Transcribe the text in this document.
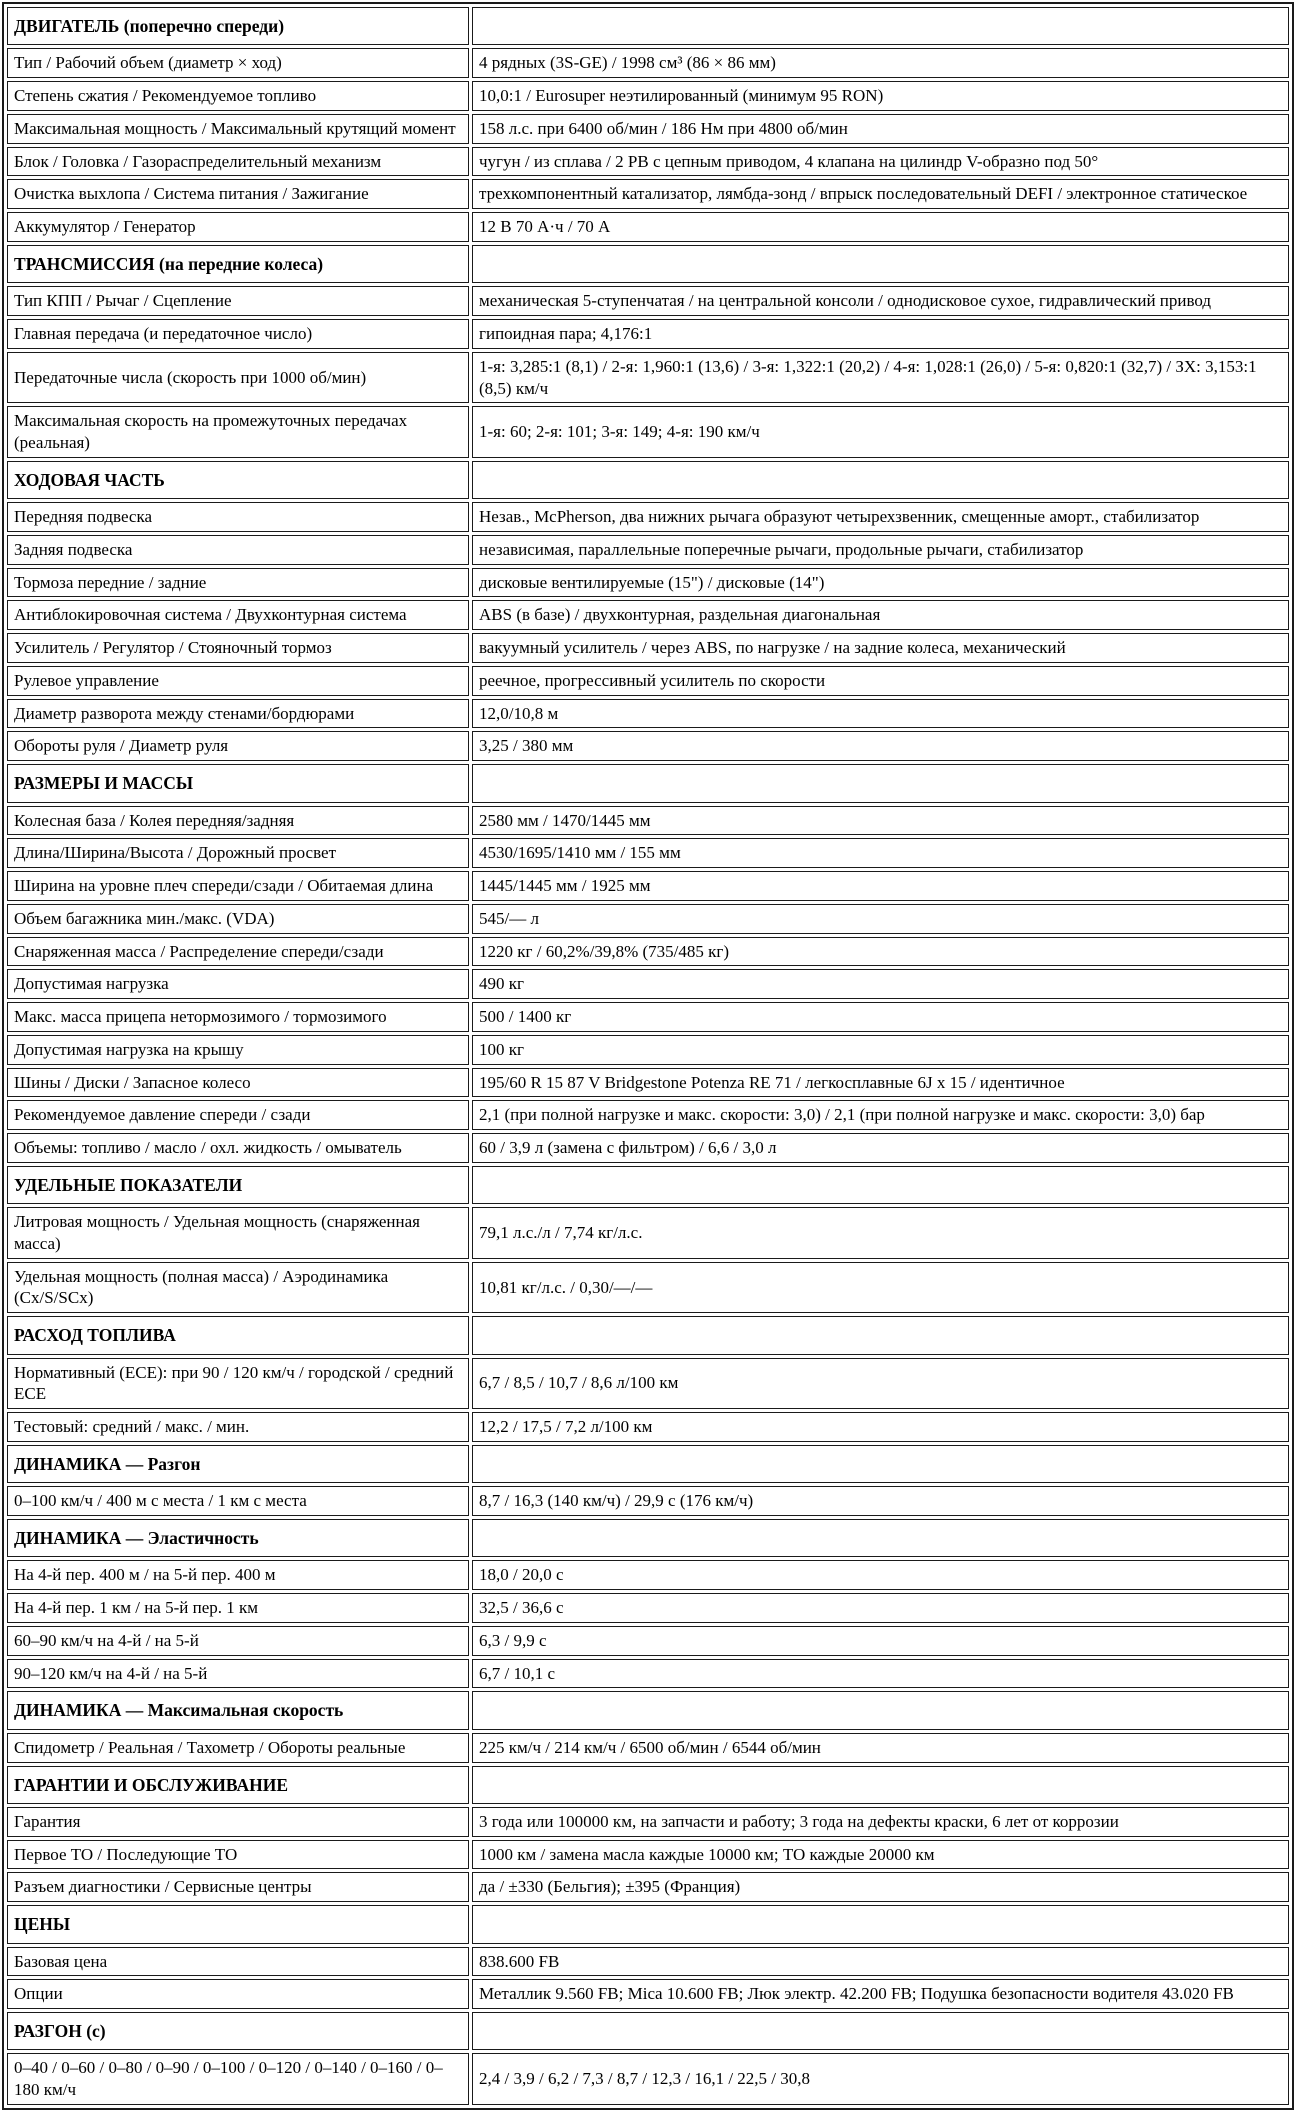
ДВИГАТЕЛЬ (поперечно спереди)	
Тип / Рабочий объем (диаметр × ход)	4 рядных (3S-GE) / 1998 см³ (86 × 86 мм)
Степень сжатия / Рекомендуемое топливо	10,0:1 / Eurosuper неэтилированный (минимум 95 RON)
Максимальная мощность / Максимальный крутящий момент	158 л.с. при 6400 об/мин / 186 Нм при 4800 об/мин
Блок / Головка / Газораспределительный механизм	чугун / из сплава / 2 РВ с цепным приводом, 4 клапана на цилиндр V-образно под 50°
Очистка выхлопа / Система питания / Зажигание	трехкомпонентный катализатор, лямбда-зонд / впрыск последовательный DEFI / электронное статическое
Аккумулятор / Генератор	12 В 70 А·ч / 70 А
ТРАНСМИССИЯ (на передние колеса)	
Тип КПП / Рычаг / Сцепление	механическая 5-ступенчатая / на центральной консоли / однодисковое сухое, гидравлический привод
Главная передача (и передаточное число)	гипоидная пара; 4,176:1
Передаточные числа (скорость при 1000 об/мин)	1-я: 3,285:1 (8,1) / 2-я: 1,960:1 (13,6) / 3-я: 1,322:1 (20,2) / 4-я: 1,028:1 (26,0) / 5-я: 0,820:1 (32,7) / ЗХ: 3,153:1 (8,5) км/ч
Максимальная скорость на промежуточных передачах (реальная)	1-я: 60; 2-я: 101; 3-я: 149; 4-я: 190 км/ч
ХОДОВАЯ ЧАСТЬ	
Передняя подвеска	Незав., McPherson, два нижних рычага образуют четырехзвенник, смещенные аморт., стабилизатор
Задняя подвеска	независимая, параллельные поперечные рычаги, продольные рычаги, стабилизатор
Тормоза передние / задние	дисковые вентилируемые (15") / дисковые (14")
Антиблокировочная система / Двухконтурная система	ABS (в базе) / двухконтурная, раздельная диагональная
Усилитель / Регулятор / Стояночный тормоз	вакуумный усилитель / через ABS, по нагрузке / на задние колеса, механический
Рулевое управление	реечное, прогрессивный усилитель по скорости
Диаметр разворота между стенами/бордюрами	12,0/10,8 м
Обороты руля / Диаметр руля	3,25 / 380 мм
РАЗМЕРЫ И МАССЫ	
Колесная база / Колея передняя/задняя	2580 мм / 1470/1445 мм
Длина/Ширина/Высота / Дорожный просвет	4530/1695/1410 мм / 155 мм
Ширина на уровне плеч спереди/сзади / Обитаемая длина	1445/1445 мм / 1925 мм
Объем багажника мин./макс. (VDA)	545/— л
Снаряженная масса / Распределение спереди/сзади	1220 кг / 60,2%/39,8% (735/485 кг)
Допустимая нагрузка	490 кг
Макс. масса прицепа нетормозимого / тормозимого	500 / 1400 кг
Допустимая нагрузка на крышу	100 кг
Шины / Диски / Запасное колесо	195/60 R 15 87 V Bridgestone Potenza RE 71 / легкосплавные 6J x 15 / идентичное
Рекомендуемое давление спереди / сзади	2,1 (при полной нагрузке и макс. скорости: 3,0) / 2,1 (при полной нагрузке и макс. скорости: 3,0) бар
Объемы: топливо / масло / охл. жидкость / омыватель	60 / 3,9 л (замена с фильтром) / 6,6 / 3,0 л
УДЕЛЬНЫЕ ПОКАЗАТЕЛИ	
Литровая мощность / Удельная мощность (снаряженная масса)	79,1 л.с./л / 7,74 кг/л.с.
Удельная мощность (полная масса) / Аэродинамика (Cx/S/SCx)	10,81 кг/л.с. / 0,30/—/—
РАСХОД ТОПЛИВА	
Нормативный (ЕСЕ): при 90 / 120 км/ч / городской / средний ЕСЕ	6,7 / 8,5 / 10,7 / 8,6 л/100 км
Тестовый: средний / макс. / мин.	12,2 / 17,5 / 7,2 л/100 км
ДИНАМИКА — Разгон	
0–100 км/ч / 400 м с места / 1 км с места	8,7 / 16,3 (140 км/ч) / 29,9 с (176 км/ч)
ДИНАМИКА — Эластичность	
На 4-й пер. 400 м / на 5-й пер. 400 м	18,0 / 20,0 с
На 4-й пер. 1 км / на 5-й пер. 1 км	32,5 / 36,6 с
60–90 км/ч на 4-й / на 5-й	6,3 / 9,9 с
90–120 км/ч на 4-й / на 5-й	6,7 / 10,1 с
ДИНАМИКА — Максимальная скорость	
Спидометр / Реальная / Тахометр / Обороты реальные	225 км/ч / 214 км/ч / 6500 об/мин / 6544 об/мин
ГАРАНТИИ И ОБСЛУЖИВАНИЕ	
Гарантия	3 года или 100000 км, на запчасти и работу; 3 года на дефекты краски, 6 лет от коррозии
Первое ТО / Последующие ТО	1000 км / замена масла каждые 10000 км; ТО каждые 20000 км
Разъем диагностики / Сервисные центры	да / ±330 (Бельгия); ±395 (Франция)
ЦЕНЫ	
Базовая цена	838.600 FB
Опции	Металлик 9.560 FB; Mica 10.600 FB; Люк электр. 42.200 FB; Подушка безопасности водителя 43.020 FB
РАЗГОН (с)	
0–40 / 0–60 / 0–80 / 0–90 / 0–100 / 0–120 / 0–140 / 0–160 / 0–180 км/ч	2,4 / 3,9 / 6,2 / 7,3 / 8,7 / 12,3 / 16,1 / 22,5 / 30,8
